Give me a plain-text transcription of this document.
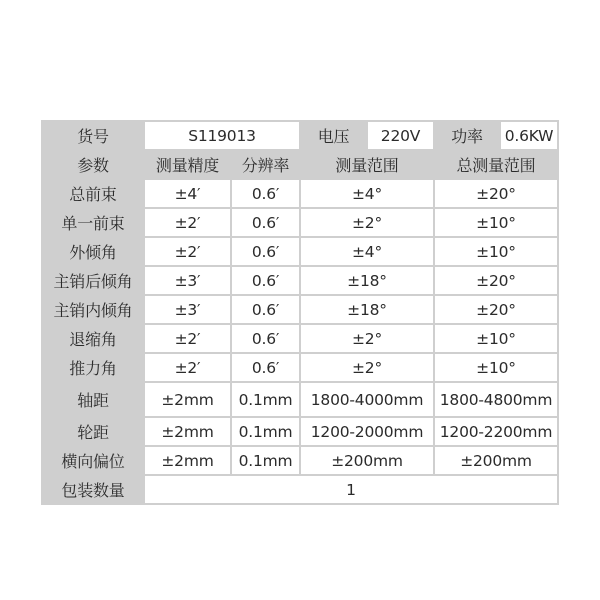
货号	S119013		电压	220V	功率	0.6KW
参数	测量精度	分辨率	测量范围		总测量范围	
总前束	±4′	0.6′	±4°		±20°	
单一前束	±2′	0.6′	±2°		±10°	
外倾角	±2′	0.6′	±4°		±10°	
主销后倾角	±3′	0.6′	±18°		±20°	
主销内倾角	±3′	0.6′	±18°		±20°	
退缩角	±2′	0.6′	±2°		±10°	
推力角	±2′	0.6′	±2°		±10°	
轴距	±2mm	0.1mm	1800-4000mm		1800-4800mm	
轮距	±2mm	0.1mm	1200-2000mm		1200-2200mm	
横向偏位	±2mm	0.1mm	±200mm		±200mm	
包装数量	1					
